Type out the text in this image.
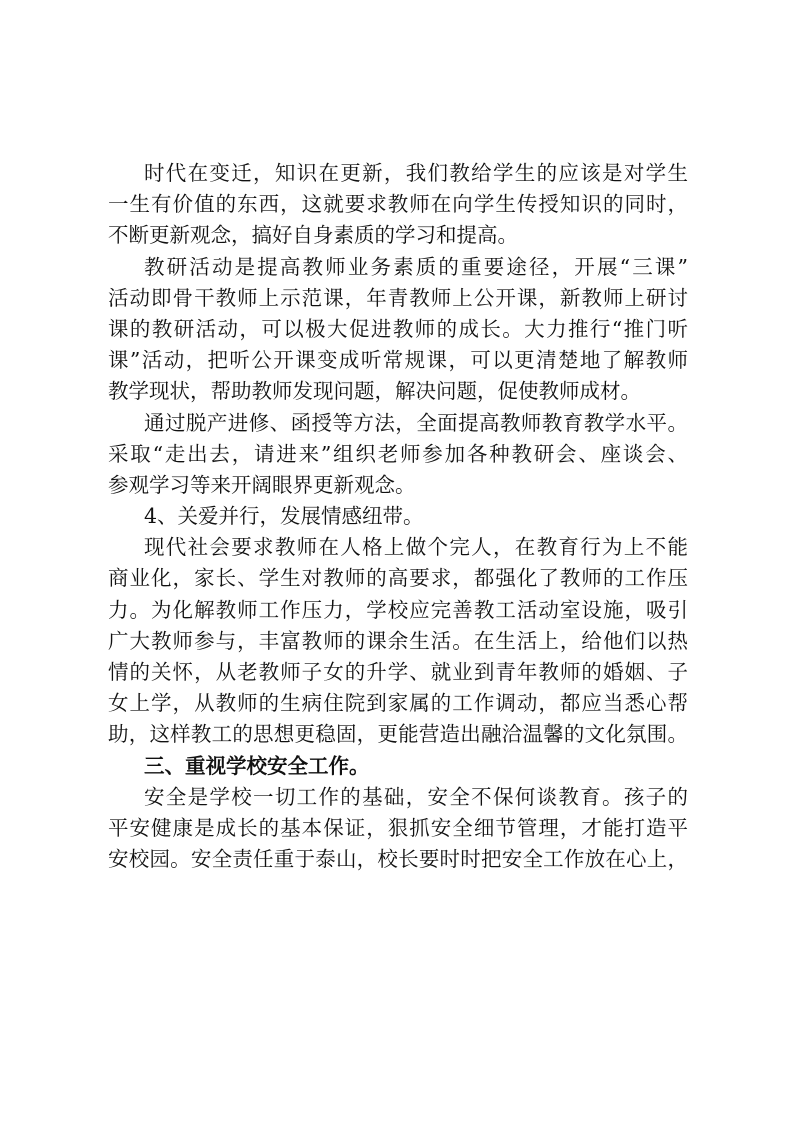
时代在变迁，知识在更新，我们教给学生的应该是对学生
一生有价值的东西，这就要求教师在向学生传授知识的同时，
不断更新观念，搞好自身素质的学习和提高。
教研活动是提高教师业务素质的重要途径，开展“三课”
活动即骨干教师上示范课，年青教师上公开课，新教师上研讨
课的教研活动，可以极大促进教师的成长。大力推行“推门听
课”活动，把听公开课变成听常规课，可以更清楚地了解教师
教学现状，帮助教师发现问题，解决问题，促使教师成材。
通过脱产进修、函授等方法，全面提高教师教育教学水平。
采取“走出去，请进来”组织老师参加各种教研会、座谈会、
参观学习等来开阔眼界更新观念。
4、关爱并行，发展情感纽带。
现代社会要求教师在人格上做个完人，在教育行为上不能
商业化，家长、学生对教师的高要求，都强化了教师的工作压
力。为化解教师工作压力，学校应完善教工活动室设施，吸引
广大教师参与，丰富教师的课余生活。在生活上，给他们以热
情的关怀，从老教师子女的升学、就业到青年教师的婚姻、子
女上学，从教师的生病住院到家属的工作调动，都应当悉心帮
助，这样教工的思想更稳固，更能营造出融洽温馨的文化氛围。
三、重视学校安全工作。
安全是学校一切工作的基础，安全不保何谈教育。孩子的
平安健康是成长的基本保证，狠抓安全细节管理，才能打造平
安校园。安全责任重于泰山，校长要时时把安全工作放在心上，
